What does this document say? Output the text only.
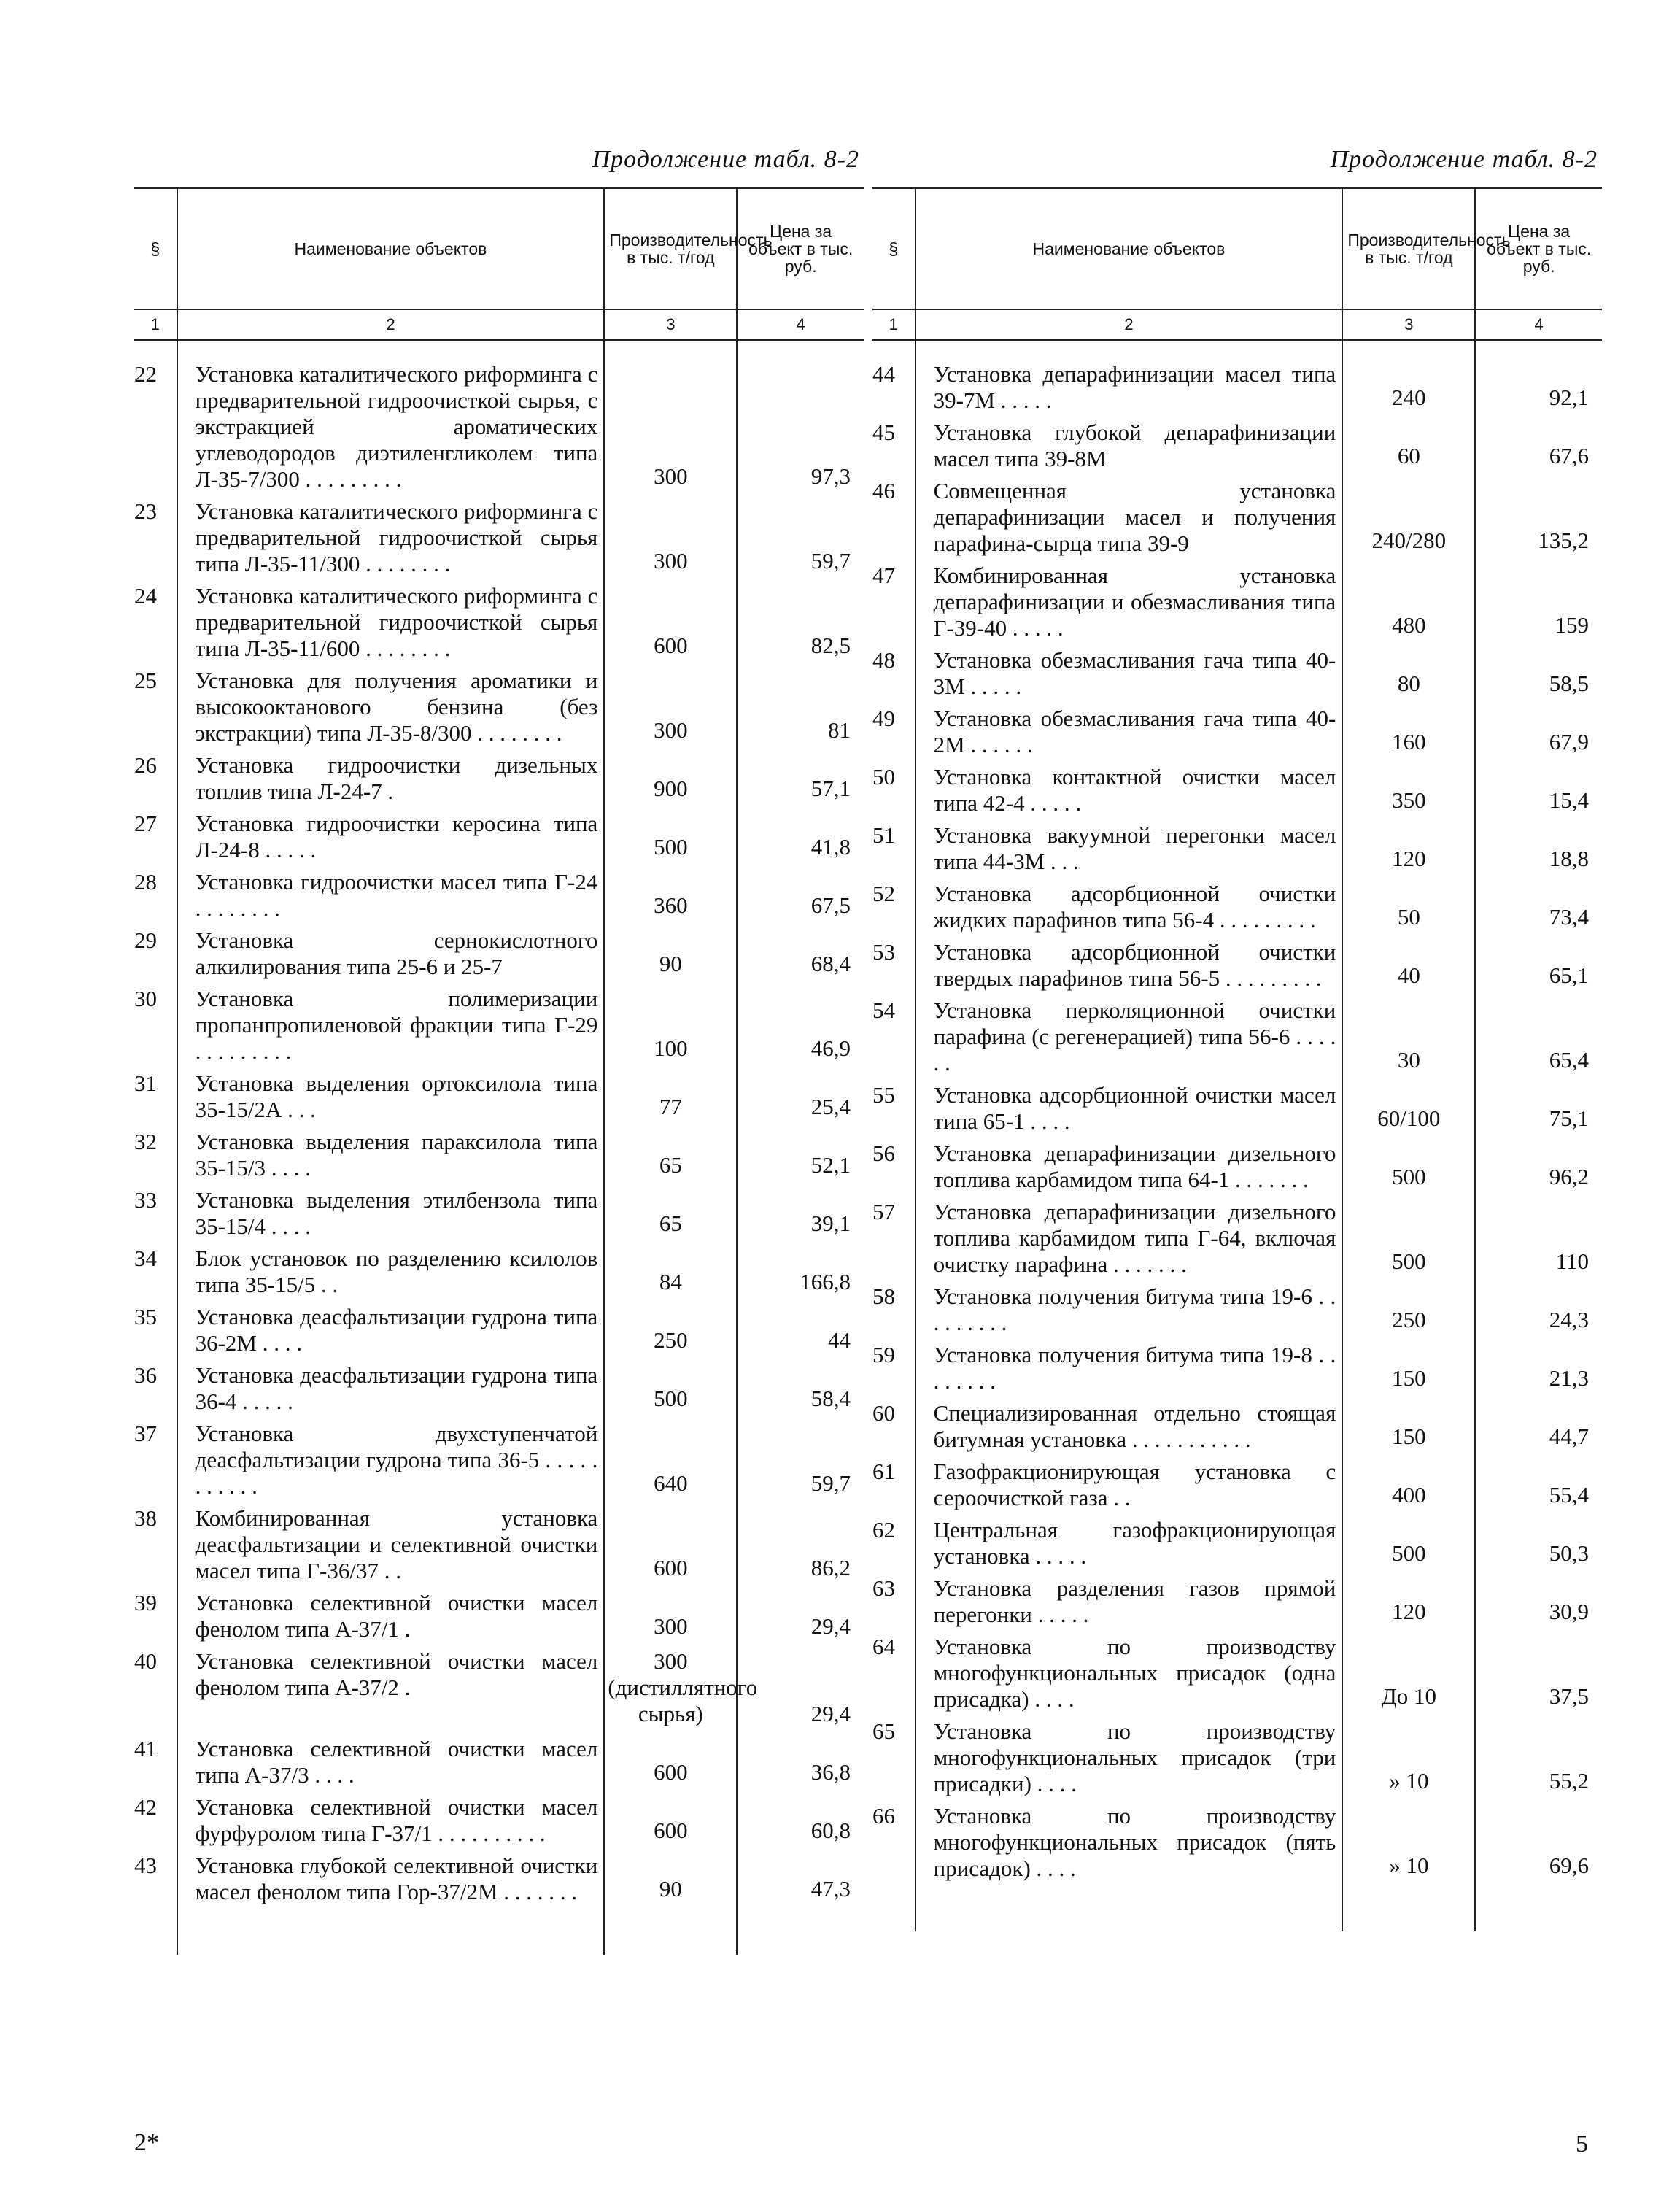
Продолжение табл. 8-2
§	Наименование объектов	Производительность в тыс. т/год	Цена за объект в тыс. руб.
1	2	3	4

22	Установка каталитического риформинга с предварительной гидроочисткой сырья, с экстракцией ароматических углеводородов диэтиленгликолем типа Л-35-7/300 . . . . . . . . .	300	97,3
23	Установка каталитического риформинга с предварительной гидроочисткой сырья типа Л-35-11/300 . . . . . . . .	300	59,7
24	Установка каталитического риформинга с предварительной гидроочисткой сырья типа Л-35-11/600 . . . . . . . .	600	82,5
25	Установка для получения ароматики и высокооктанового бензина (без экстракции) типа Л-35-8/300 . . . . . . . .	300	81
26	Установка гидроочистки дизельных топлив типа Л-24-7 .	900	57,1
27	Установка гидроочистки керосина типа Л-24-8 . . . . .	500	41,8
28	Установка гидроочистки масел типа Г-24 . . . . . . . .	360	67,5
29	Установка сернокислотного алкилирования типа 25-6 и 25-7	90	68,4
30	Установка полимеризации пропанпропиленовой фракции типа Г-29 . . . . . . . . .	100	46,9
31	Установка выделения ортоксилола типа 35-15/2А . . .	77	25,4
32	Установка выделения параксилола типа 35-15/3 . . . .	65	52,1
33	Установка выделения этилбензола типа 35-15/4 . . . .	65	39,1
34	Блок установок по разделению ксилолов типа 35-15/5 . .	84	166,8
35	Установка деасфальтизации гудрона типа 36-2М . . . .	250	44
36	Установка деасфальтизации гудрона типа 36-4 . . . . .	500	58,4
37	Установка двухступенчатой деасфальтизации гудрона типа 36-5 . . . . . . . . . . .	640	59,7
38	Комбинированная установка деасфальтизации и селективной очистки масел типа Г-36/37 . .	600	86,2
39	Установка селективной очистки масел фенолом типа А-37/1 .	300	29,4
40	Установка селективной очистки масел фенолом типа А-37/2 .	300 (дистиллятного сырья)	29,4
41	Установка селективной очистки масел типа А-37/3 . . . .	600	36,8
42	Установка селективной очистки масел фурфуролом типа Г-37/1 . . . . . . . . . .	600	60,8
43	Установка глубокой селективной очистки масел фенолом типа Гор-37/2М . . . . . . .	90	47,3

Продолжение табл. 8-2
§	Наименование объектов	Производительность в тыс. т/год	Цена за объект в тыс. руб.
1	2	3	4

44	Установка депарафинизации масел типа 39-7М . . . . .	240	92,1
45	Установка глубокой депарафинизации масел типа 39-8М	60	67,6
46	Совмещенная установка депарафинизации масел и получения парафина-сырца типа 39-9	240/280	135,2
47	Комбинированная установка депарафинизации и обезмасливания типа Г-39-40 . . . . .	480	159
48	Установка обезмасливания гача типа 40-3М . . . . .	80	58,5
49	Установка обезмасливания гача типа 40-2М . . . . . .	160	67,9
50	Установка контактной очистки масел типа 42-4 . . . . .	350	15,4
51	Установка вакуумной перегонки масел типа 44-3М . . .	120	18,8
52	Установка адсорбционной очистки жидких парафинов типа 56-4 . . . . . . . . .	50	73,4
53	Установка адсорбционной очистки твердых парафинов типа 56-5 . . . . . . . . .	40	65,1
54	Установка перколяционной очистки парафина (с регенерацией) типа 56-6 . . . . . .	30	65,4
55	Установка адсорбционной очистки масел типа 65-1 . . . .	60/100	75,1
56	Установка депарафинизации дизельного топлива карбамидом типа 64-1 . . . . . . .	500	96,2
57	Установка депарафинизации дизельного топлива карбамидом типа Г-64, включая очистку парафина . . . . . . .	500	110
58	Установка получения битума типа 19-6 . . . . . . . . .	250	24,3
59	Установка получения битума типа 19-8 . . . . . . . .	150	21,3
60	Специализированная отдельно стоящая битумная установка . . . . . . . . . . .	150	44,7
61	Газофракционирующая установка с сероочисткой газа . .	400	55,4
62	Центральная газофракционирующая установка . . . . .	500	50,3
63	Установка разделения газов прямой перегонки . . . . .	120	30,9
64	Установка по производству многофункциональных присадок (одна присадка) . . . .	До 10	37,5
65	Установка по производству многофункциональных присадок (три присадки) . . . .	» 10	55,2
66	Установка по производству многофункциональных присадок (пять присадок) . . . .	» 10	69,6

2*	5
